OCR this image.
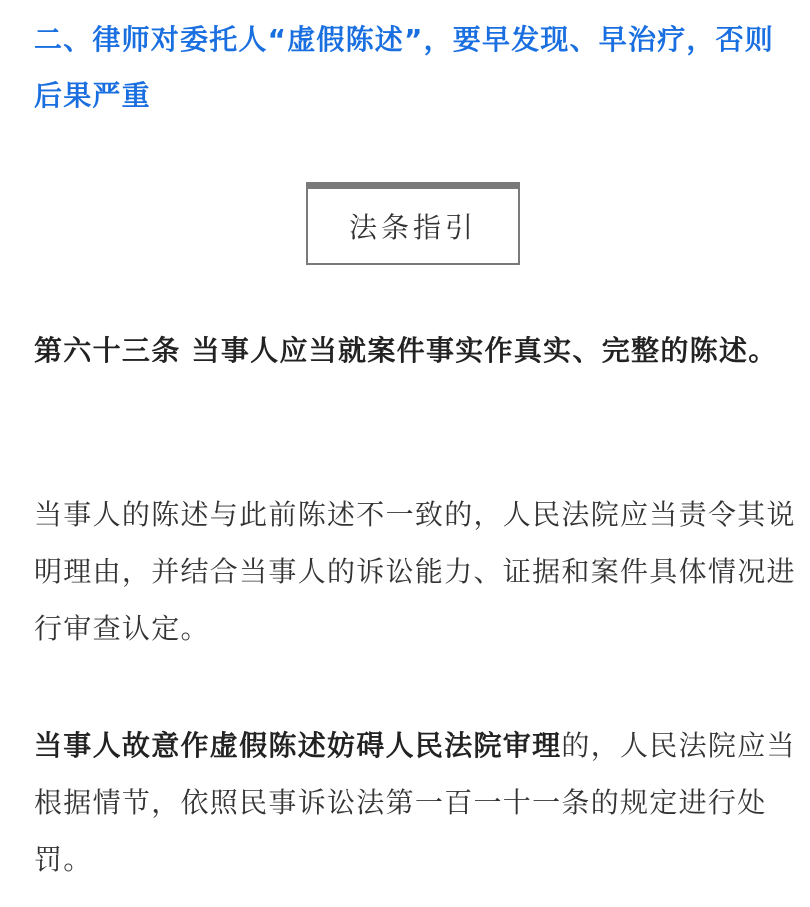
二、律师对委托人“虚假陈述”，要早发现、早治疗，否则后果严重
法条指引

第六十三条 当事人应当就案件事实作真实、完整的陈述。

当事人的陈述与此前陈述不一致的，人民法院应当责令其说明理由，并结合当事人的诉讼能力、证据和案件具体情况进行审查认定。

当事人故意作虚假陈述妨碍人民法院审理的，人民法院应当根据情节，依照民事诉讼法第一百一十一条的规定进行处罚。
